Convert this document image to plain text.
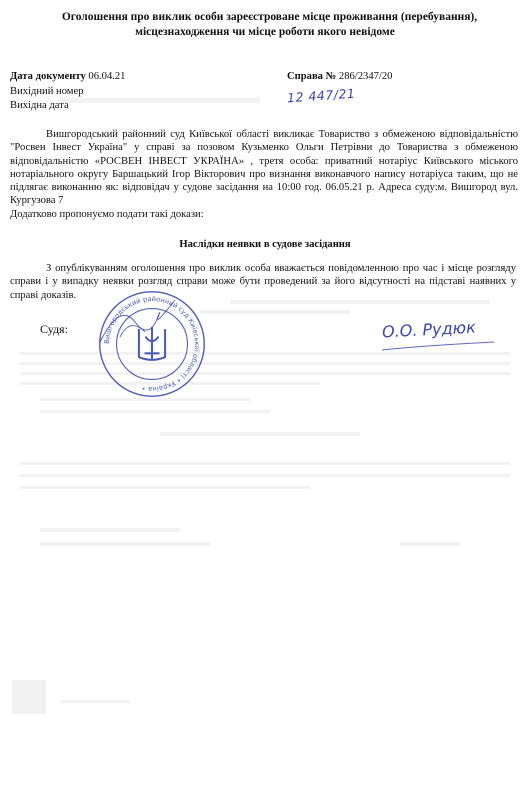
Оголошення про виклик особи зареєстроване місце проживання (перебування),
місцезнаходження чи місце роботи якого невідоме
Дата документу 06.04.21	Справа № 286/2347/20
Вихідний номер
Вихідна дата
12 447/21
Вишгородський районний суд Київської області викликає Товариство з обмеженою відповідальністю "Росвен Інвест Україна" у справі за позовом Кузьменко Ольги Петрівни до Товариства з обмеженою відповідальністю «РОСВЕН ІНВЕСТ УКРАЇНА» , третя особа: приватний нотаріус Київського міського нотаріального округу Баршацький Ігор Вікторович про визнання виконавчого напису нотаріуса таким, що не підлягає виконанню як: відповідач у судове засідання на 10:00 год. 06.05.21 р. Адреса суду:м. Вишгород вул. Кургузова 7
Додатково пропонуємо подати такі докази:
Наслідки неявки в судове засідання
З опублікуванням оголошення про виклик особа вважається повідомленною про час і місце розгляду справи і у випадку неявки розгляд справи може бути проведений за його відсутності на підставі наявних у справі доказів.
Судя:
Вишгородський районний суд Київської області • Україна •
О.О. Рудюк
